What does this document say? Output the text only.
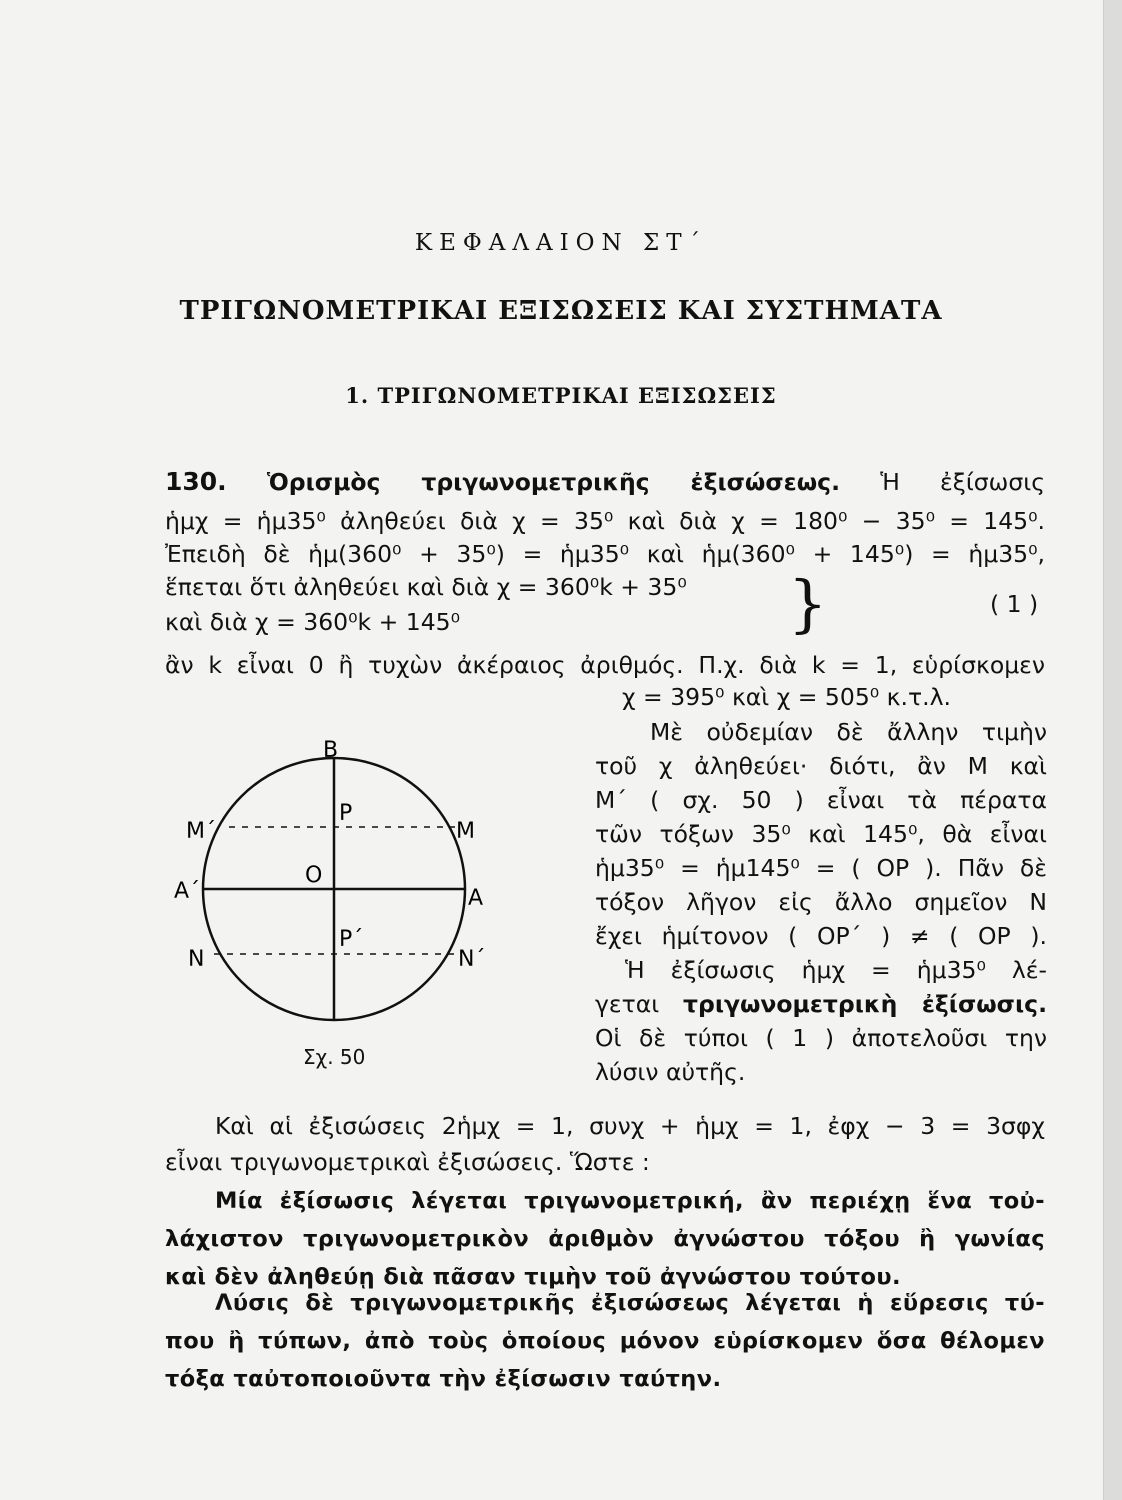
ΚΕΦΑΛΑΙΟΝ ΣΤ΄
ΤΡΙΓΩΝΟΜΕΤΡΙΚΑΙ ΕΞΙΣΩΣΕΙΣ ΚΑΙ ΣΥΣΤΗΜΑΤΑ
1. ΤΡΙΓΩΝΟΜΕΤΡΙΚΑΙ ΕΞΙΣΩΣΕΙΣ
130. Ὁρισμὸς τριγωνομετρικῆς ἐξισώσεως. Ἡ ἐξίσωσις
ἡμχ = ἡμ35⁰ ἀληθεύει διὰ χ = 35⁰ καὶ διὰ χ = 180⁰ − 35⁰ = 145⁰.
Ἐπειδὴ δὲ ἡμ(360⁰ + 35⁰) = ἡμ35⁰ καὶ ἡμ(360⁰ + 145⁰) = ἡμ35⁰,
ἕπεται ὅτι ἀληθεύει καὶ διὰ χ = 360⁰k + 35⁰
καὶ διὰ χ = 360⁰k + 145⁰	}	( 1 )
ἂν k εἶναι 0 ἢ τυχὼν ἀκέραιος ἀριθμός. Π.χ. διὰ k = 1, εὑρίσκομεν
χ = 395⁰ καὶ χ = 505⁰ κ.τ.λ.
Μὲ οὐδεμίαν δὲ ἄλλην τιμὴν
τοῦ χ ἀληθεύει· διότι, ἂν Μ καὶ
Μ΄ ( σχ. 50 ) εἶναι τὰ πέρατα
τῶν τόξων 35⁰ καὶ 145⁰, θὰ εἶναι
ἡμ35⁰ = ἡμ145⁰ = ( ΟΡ ). Πᾶν δὲ
τόξον λῆγον εἰς ἄλλο σημεῖον Ν
ἔχει ἡμίτονον ( ΟΡ΄ ) ≠ ( ΟΡ ).
Ἡ ἐξίσωσις ἡμχ = ἡμ35⁰ λέ-
γεται τριγωνομετρικὴ ἐξίσωσις.
Οἱ δὲ τύποι ( 1 ) ἀποτελοῦσι την
λύσιν αὐτῆς.
Β
Ρ
Μ΄	Μ
Ο
Α΄	Α
Ρ΄
Ν	Ν΄
Σχ. 50
Καὶ αἱ ἐξισώσεις 2ἡμχ = 1, συνχ + ἡμχ = 1, ἐφχ − 3 = 3σφχ
εἶναι τριγωνομετρικαὶ ἐξισώσεις. Ὥστε :
Μία ἐξίσωσις λέγεται τριγωνομετρική, ἂν περιέχῃ ἕνα τοὐ-
λάχιστον τριγωνομετρικὸν ἀριθμὸν ἀγνώστου τόξου ἢ γωνίας
καὶ δὲν ἀληθεύῃ διὰ πᾶσαν τιμὴν τοῦ ἀγνώστου τούτου.
Λύσις δὲ τριγωνομετρικῆς ἐξισώσεως λέγεται ἡ εὕρεσις τύ-
που ἢ τύπων, ἀπὸ τοὺς ὁποίους μόνον εὑρίσκομεν ὅσα θέλομεν
τόξα ταὐτοποιοῦντα τὴν ἐξίσωσιν ταύτην.
